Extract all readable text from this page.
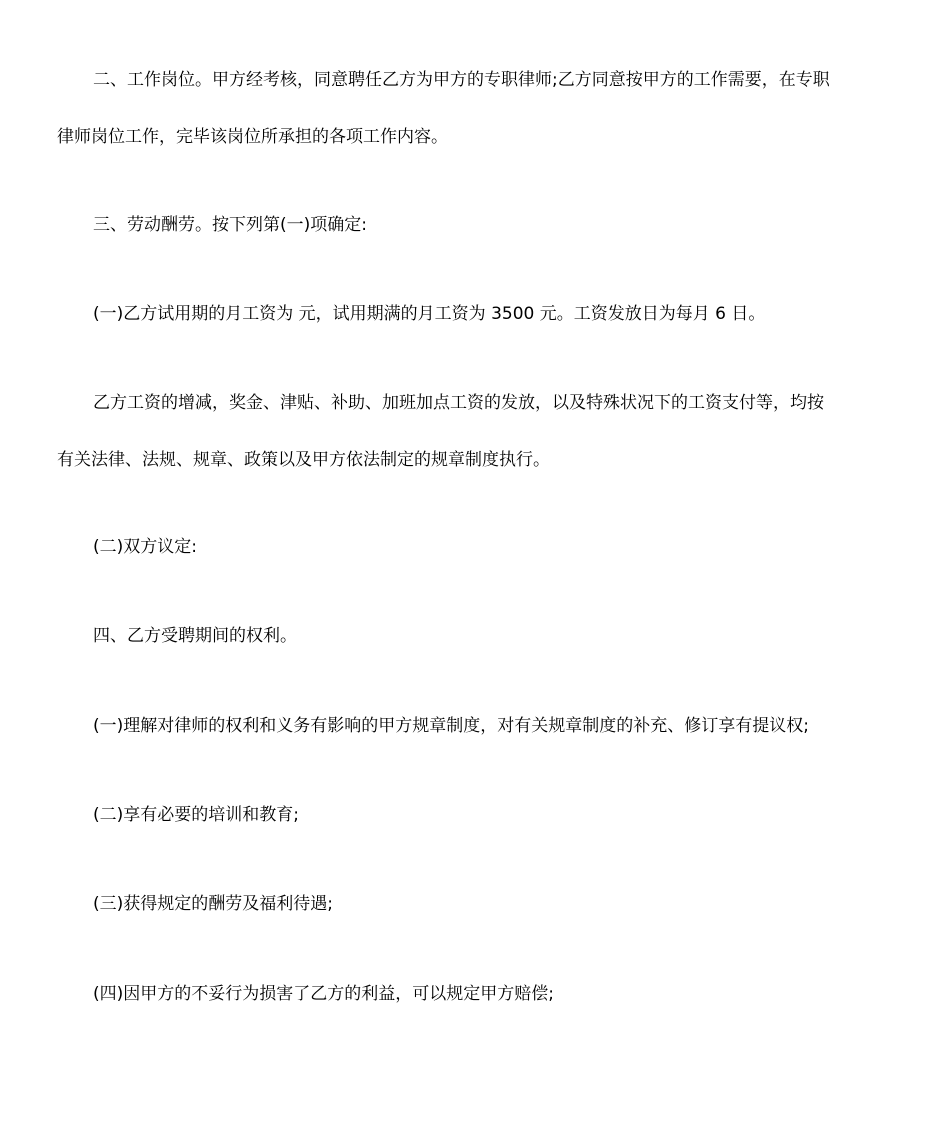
二、工作岗位。甲方经考核，同意聘任乙方为甲方的专职律师;乙方同意按甲方的工作需要，在专职
律师岗位工作，完毕该岗位所承担的各项工作内容。
三、劳动酬劳。按下列第(一)项确定:
(一)乙方试用期的月工资为 元，试用期满的月工资为 3500 元。工资发放日为每月 6 日。
乙方工资的增减，奖金、津贴、补助、加班加点工资的发放，以及特殊状况下的工资支付等，均按
有关法律、法规、规章、政策以及甲方依法制定的规章制度执行。
(二)双方议定:
四、乙方受聘期间的权利。
(一)理解对律师的权利和义务有影响的甲方规章制度，对有关规章制度的补充、修订享有提议权;
(二)享有必要的培训和教育;
(三)获得规定的酬劳及福利待遇;
(四)因甲方的不妥行为损害了乙方的利益，可以规定甲方赔偿;
